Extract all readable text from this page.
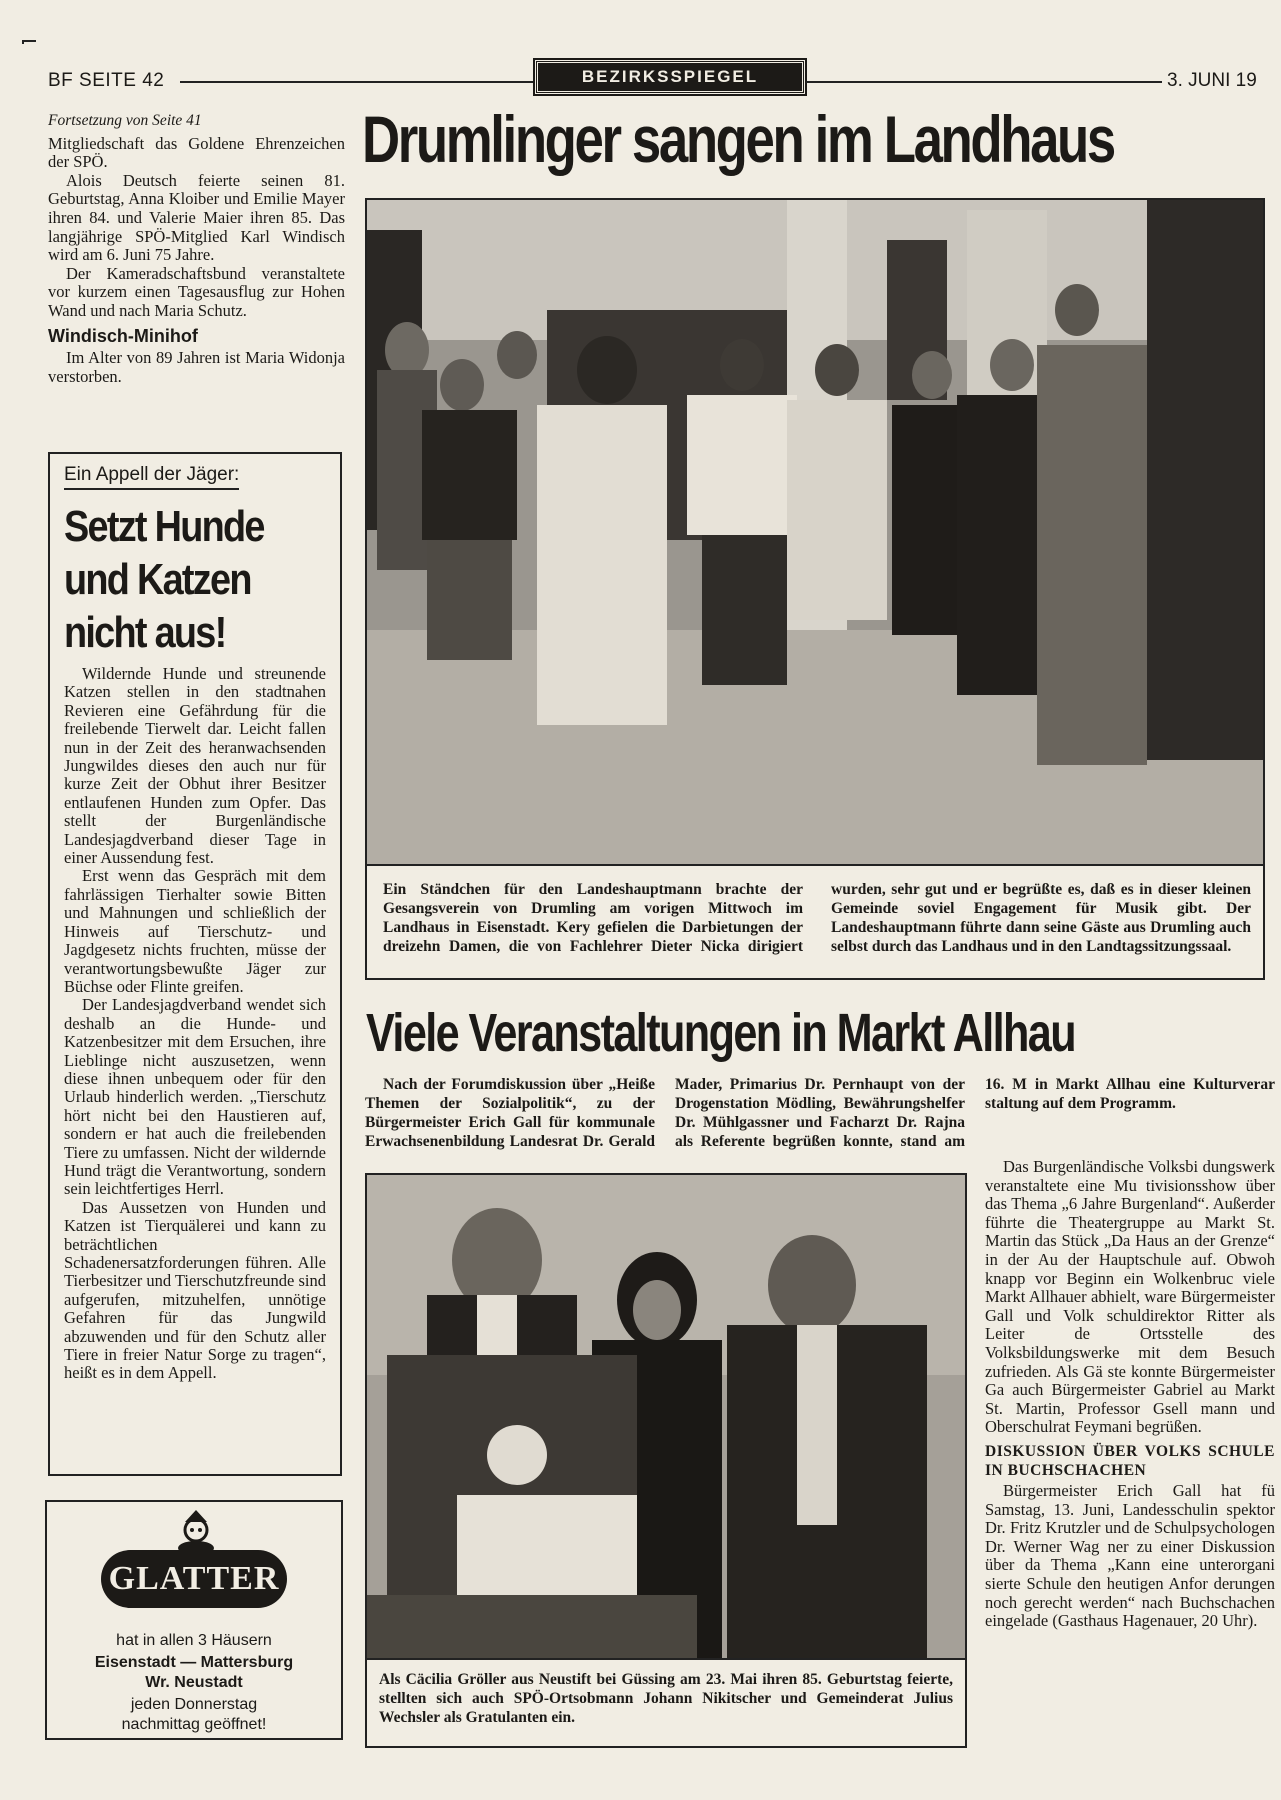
BF SEITE 42	BEZIRKSSPIEGEL	3. JUNI 19
Fortsetzung von Seite 41

Mitgliedschaft das Goldene Ehrenzeichen der SPÖ.

Alois Deutsch feierte seinen 81. Geburtstag, Anna Kloiber und Emilie Mayer ihren 84. und Valerie Maier ihren 85. Das langjährige SPÖ-Mitglied Karl Windisch wird am 6. Juni 75 Jahre.

Der Kameradschaftsbund veranstaltete vor kurzem einen Tagesausflug zur Hohen Wand und nach Maria Schutz.

Windisch-Minihof

Im Alter von 89 Jahren ist Maria Widonja verstorben.

Ein Appell der Jäger:
Setzt Hunde
und Katzen
nicht aus!

Wildernde Hunde und streunende Katzen stellen in den stadtnahen Revieren eine Gefährdung für die freilebende Tierwelt dar. Leicht fallen nun in der Zeit des heranwachsenden Jungwildes dieses den auch nur für kurze Zeit der Obhut ihrer Besitzer entlaufenen Hunden zum Opfer. Das stellt der Burgenländische Landesjagdverband dieser Tage in einer Aussendung fest.

Erst wenn das Gespräch mit dem fahrlässigen Tierhalter sowie Bitten und Mahnungen und schließlich der Hinweis auf Tierschutz- und Jagdgesetz nichts fruchten, müsse der verantwortungsbewußte Jäger zur Büchse oder Flinte greifen.

Der Landesjagdverband wendet sich deshalb an die Hunde- und Katzenbesitzer mit dem Ersuchen, ihre Lieblinge nicht auszusetzen, wenn diese ihnen unbequem oder für den Urlaub hinderlich werden. „Tierschutz hört nicht bei den Haustieren auf, sondern er hat auch die freilebenden Tiere zu umfassen. Nicht der wildernde Hund trägt die Verantwortung, sondern sein leichtfertiges Herrl.

Das Aussetzen von Hunden und Katzen ist Tierquälerei und kann zu beträchtlichen Schadenersatzforderungen führen. Alle Tierbesitzer und Tierschutzfreunde sind aufgerufen, mitzuhelfen, unnötige Gefahren für das Jungwild abzuwenden und für den Schutz aller Tiere in freier Natur Sorge zu tragen“, heißt es in dem Appell.

GLATTER
hat in allen 3 Häusern
Eisenstadt — Mattersburg
Wr. Neustadt
jeden Donnerstag
nachmittag geöffnet!
Drumlinger sangen im Landhaus
Ein Ständchen für den Landeshauptmann brachte der Gesangsverein von Drumling am vorigen Mittwoch im Landhaus in Eisenstadt. Kery gefielen die Darbietungen der dreizehn Damen, die von Fachlehrer Dieter Nicka dirigiert wurden, sehr gut und er begrüßte es, daß es in dieser kleinen Gemeinde soviel Engagement für Musik gibt. Der Landeshauptmann führte dann seine Gäste aus Drumling auch selbst durch das Landhaus und in den Landtagssitzungssaal.
Viele Veranstaltungen in Markt Allhau

Nach der Forumdiskussion über „Heiße Themen der Sozialpolitik“, zu der Bürgermeister Erich Gall für kommunale Erwachsenenbildung Landesrat Dr. Gerald Mader, Primarius Dr. Pernhaupt von der Drogenstation Mödling, Bewährungshelfer Dr. Mühlgassner und Facharzt Dr. Rajna als Referente begrüßen konnte, stand am 16. M in Markt Allhau eine Kulturverar staltung auf dem Programm.

Als Cäcilia Gröller aus Neustift bei Güssing am 23. Mai ihren 85. Geburtstag feierte, stellten sich auch SPÖ-Ortsobmann Johann Nikitscher und Gemeinderat Julius Wechsler als Gratulanten ein.

Das Burgenländische Volksbi dungswerk veranstaltete eine Mu tivisionsshow über das Thema „6 Jahre Burgenland“. Außerder führte die Theatergruppe au Markt St. Martin das Stück „Da Haus an der Grenze“ in der Au der Hauptschule auf. Obwoh knapp vor Beginn ein Wolkenbruc viele Markt Allhauer abhielt, ware Bürgermeister Gall und Volk schuldirektor Ritter als Leiter de Ortsstelle des Volksbildungswerke mit dem Besuch zufrieden. Als Gä ste konnte Bürgermeister Ga auch Bürgermeister Gabriel au Markt St. Martin, Professor Gsell mann und Oberschulrat Feymani begrüßen.

DISKUSSION ÜBER VOLKS SCHULE IN BUCHSCHACHEN

Bürgermeister Erich Gall hat fü Samstag, 13. Juni, Landesschulin spektor Dr. Fritz Krutzler und de Schulpsychologen Dr. Werner Wag ner zu einer Diskussion über da Thema „Kann eine unterorgani sierte Schule den heutigen Anfor derungen noch gerecht werden“ nach Buchschachen eingelade (Gasthaus Hagenauer, 20 Uhr).
